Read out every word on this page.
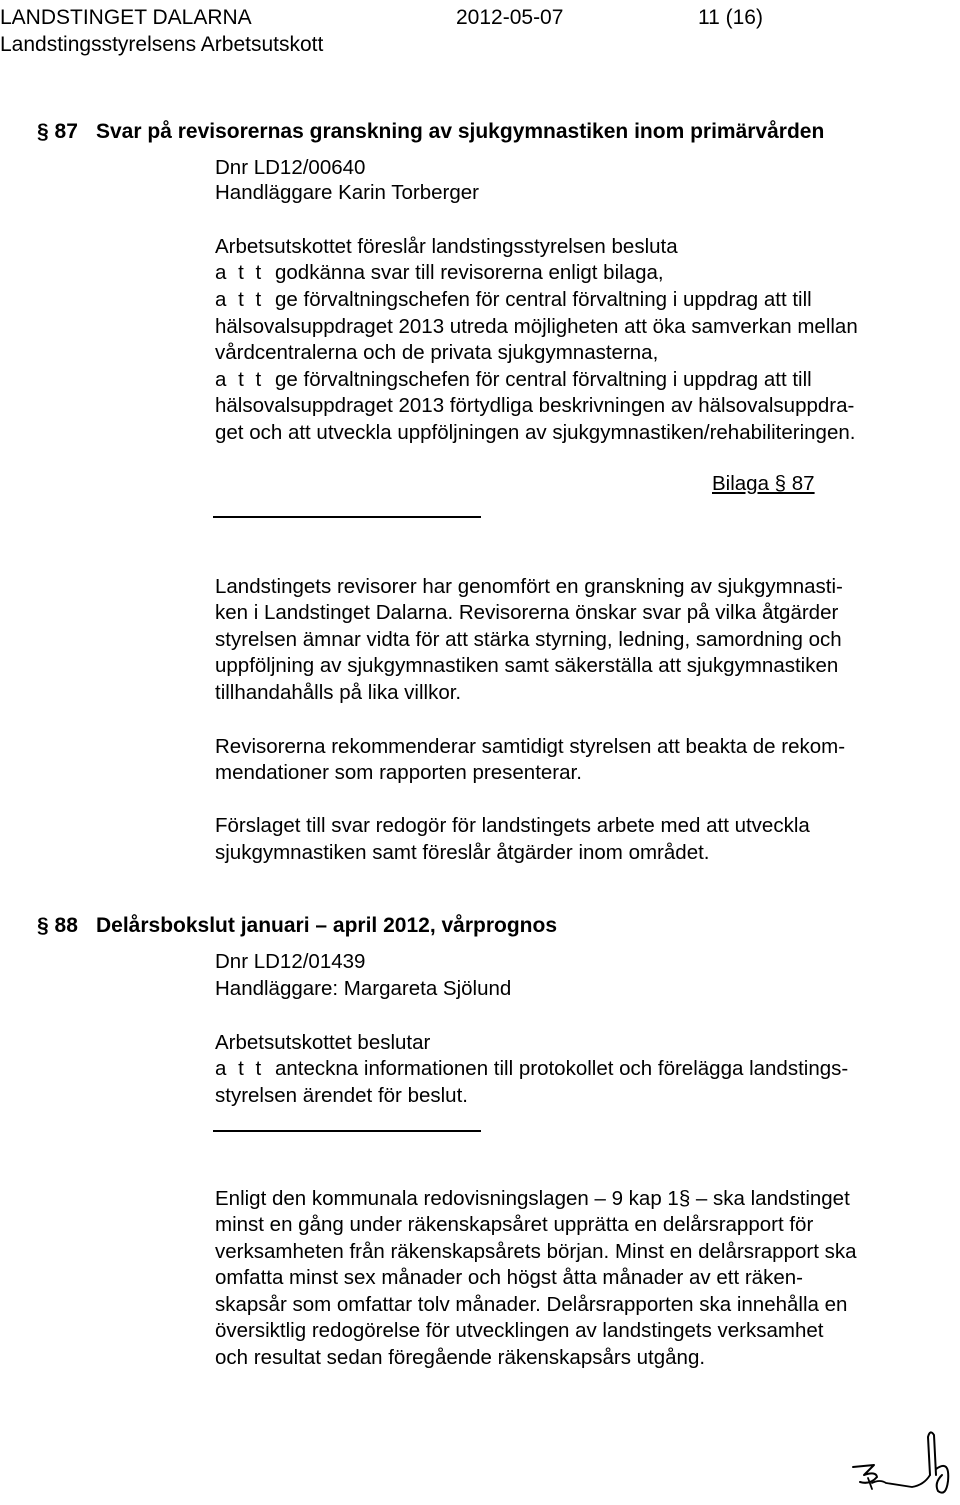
LANDSTINGET DALARNA	2012-05-07	11 (16)
Landstingsstyrelsens Arbetsutskott
§ 87 Svar på revisorernas granskning av sjukgymnastiken inom primärvården
Dnr LD12/00640
Handläggare Karin Torberger
Arbetsutskottet föreslår landstingsstyrelsen besluta
a t t godkänna svar till revisorerna enligt bilaga,
a t t ge förvaltningschefen för central förvaltning i uppdrag att till
hälsovalsuppdraget 2013 utreda möjligheten att öka samverkan mellan
vårdcentralerna och de privata sjukgymnasterna,
a t t ge förvaltningschefen för central förvaltning i uppdrag att till
hälsovalsuppdraget 2013 förtydliga beskrivningen av hälsovalsuppdra-
get och att utveckla uppföljningen av sjukgymnastiken/rehabiliteringen.
Bilaga § 87
Landstingets revisorer har genomfört en granskning av sjukgymnasti-
ken i Landstinget Dalarna. Revisorerna önskar svar på vilka åtgärder
styrelsen ämnar vidta för att stärka styrning, ledning, samordning och
uppföljning av sjukgymnastiken samt säkerställa att sjukgymnastiken
tillhandahålls på lika villkor.
Revisorerna rekommenderar samtidigt styrelsen att beakta de rekom-
mendationer som rapporten presenterar.
Förslaget till svar redogör för landstingets arbete med att utveckla
sjukgymnastiken samt föreslår åtgärder inom området.
§ 88 Delårsbokslut januari – april 2012, vårprognos
Dnr LD12/01439
Handläggare: Margareta Sjölund
Arbetsutskottet beslutar
a t t anteckna informationen till protokollet och förelägga landstings-
styrelsen ärendet för beslut.
Enligt den kommunala redovisningslagen – 9 kap 1§ – ska landstinget
minst en gång under räkenskapsåret upprätta en delårsrapport för
verksamheten från räkenskapsårets början. Minst en delårsrapport ska
omfatta minst sex månader och högst åtta månader av ett räken-
skapsår som omfattar tolv månader. Delårsrapporten ska innehålla en
översiktlig redogörelse för utvecklingen av landstingets verksamhet
och resultat sedan föregående räkenskapsårs utgång.
